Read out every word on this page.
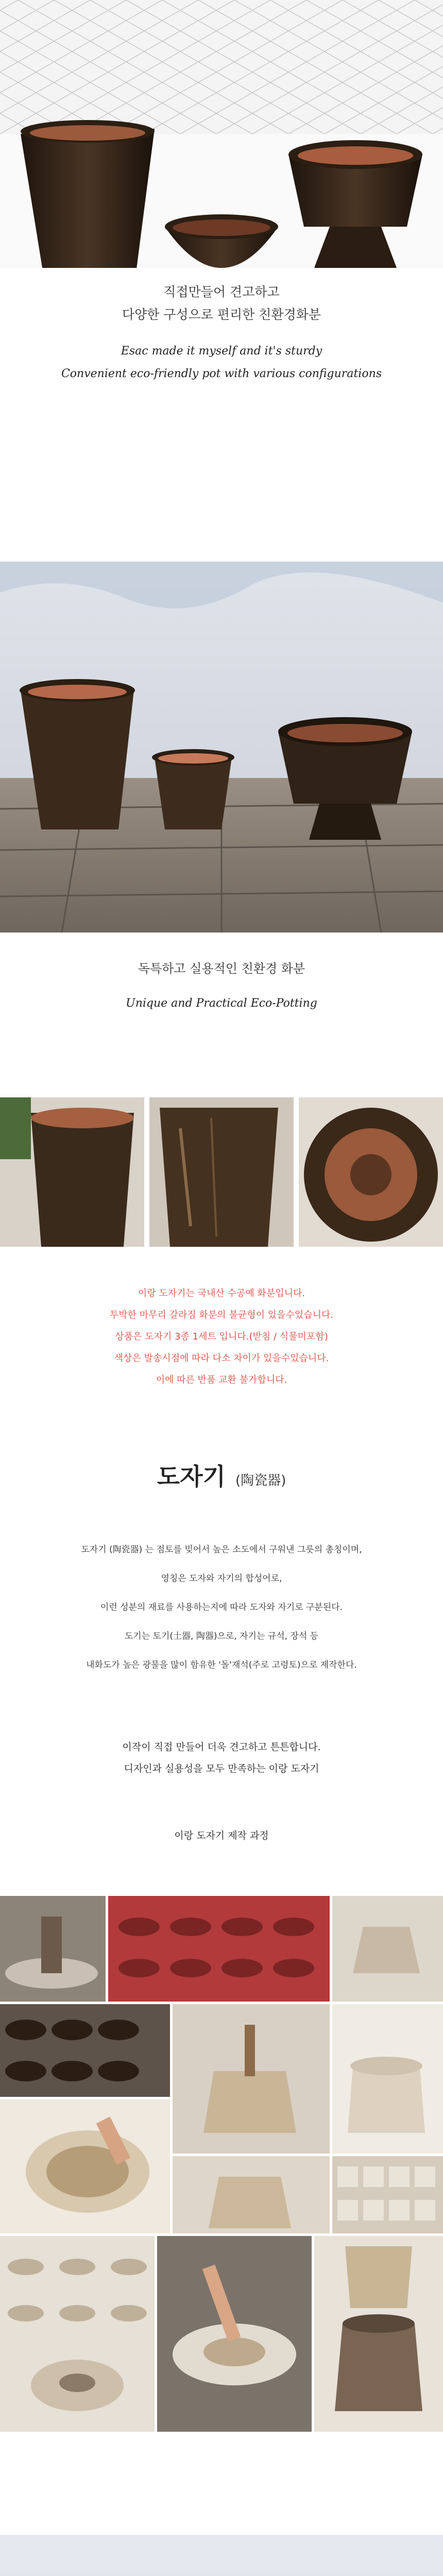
직접만들어 견고하고
다양한 구성으로 편리한 친환경화분
Esac made it myself and it's sturdy
Convenient eco-friendly pot with various configurations
독특하고 실용적인 친환경 화분
Unique and Practical Eco-Potting
이랑 도자기는 국내산 수공예 화분입니다.
투박한 마무리 갈라짐 화분의 불균형이 있을수있습니다.
상품은 도자기 3종 1세트 입니다.(받침 / 식물미포함)
색상은 발송시점에 따라 다소 차이가 있을수있습니다.
이에 따른 반품 교환 불가합니다.
도자기 (陶瓷器)
도자기 (陶瓷器) 는 점토를 빚어서 높은 소도에서 구워낸 그릇의 총칭이며,
영칭은 도자와 자기의 합성어로,
이런 성분의 재료를 사용하는지에 따라 도자와 자기로 구분된다.
도기는 토기(土器, 陶器)으로, 자기는 규석, 장석 등
내화도가 높은 광물을 많이 함유한 '돌'재석(주로 고령토)으로 제작한다.
이작이 직접 만들어 더욱 견고하고 튼튼합니다.
디자인과 실용성을 모두 만족하는 이랑 도자기
이랑 도자기 제작 과정
